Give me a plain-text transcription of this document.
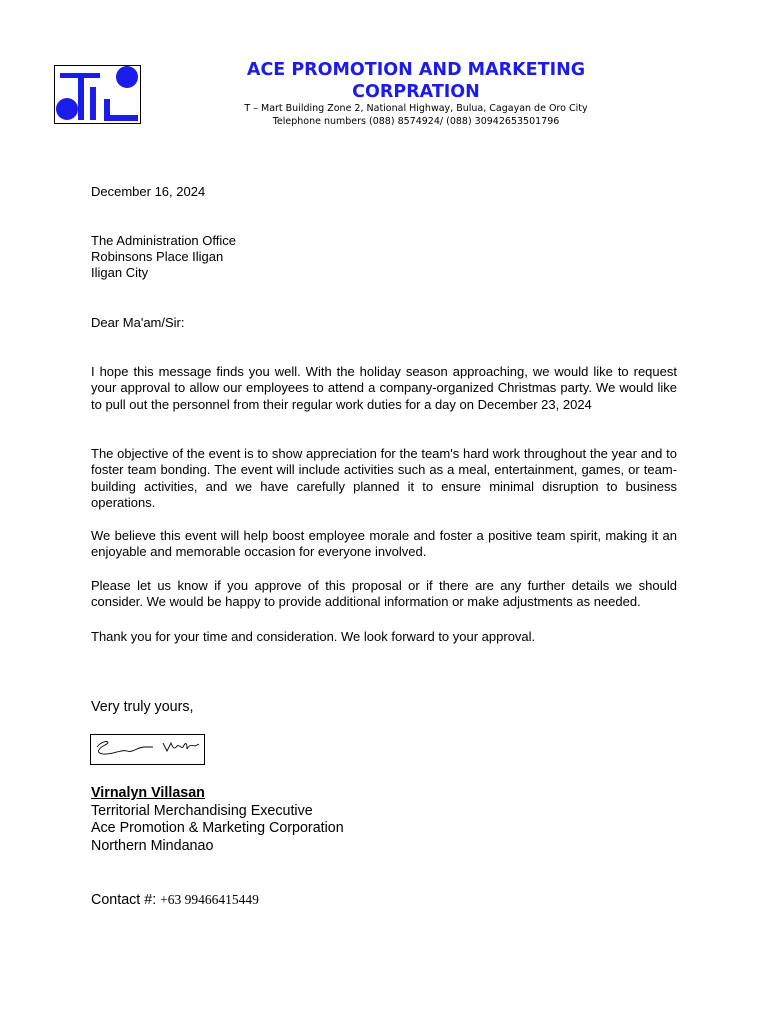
ACE PROMOTION AND MARKETING CORPRATION
T – Mart Building Zone 2, National Highway, Bulua, Cagayan de Oro City
Telephone numbers (088) 8574924/ (088) 30942653501796
December 16, 2024
The Administration Office
Robinsons Place Iligan
Iligan City
Dear Ma'am/Sir:
I hope this message finds you well. With the holiday season approaching, we would like to request your approval to allow our employees to attend a company-organized Christmas party. We would like to pull out the personnel from their regular work duties for a day on December 23, 2024
The objective of the event is to show appreciation for the team's hard work throughout the year and to foster team bonding. The event will include activities such as a meal, entertainment, games, or team-building activities, and we have carefully planned it to ensure minimal disruption to business operations.
We believe this event will help boost employee morale and foster a positive team spirit, making it an enjoyable and memorable occasion for everyone involved.
Please let us know if you approve of this proposal or if there are any further details we should consider. We would be happy to provide additional information or make adjustments as needed.
Thank you for your time and consideration. We look forward to your approval.
Very truly yours,
Virnalyn Villasan
Territorial Merchandising Executive
Ace Promotion & Marketing Corporation
Northern Mindanao
Contact #: +63 99466415449
